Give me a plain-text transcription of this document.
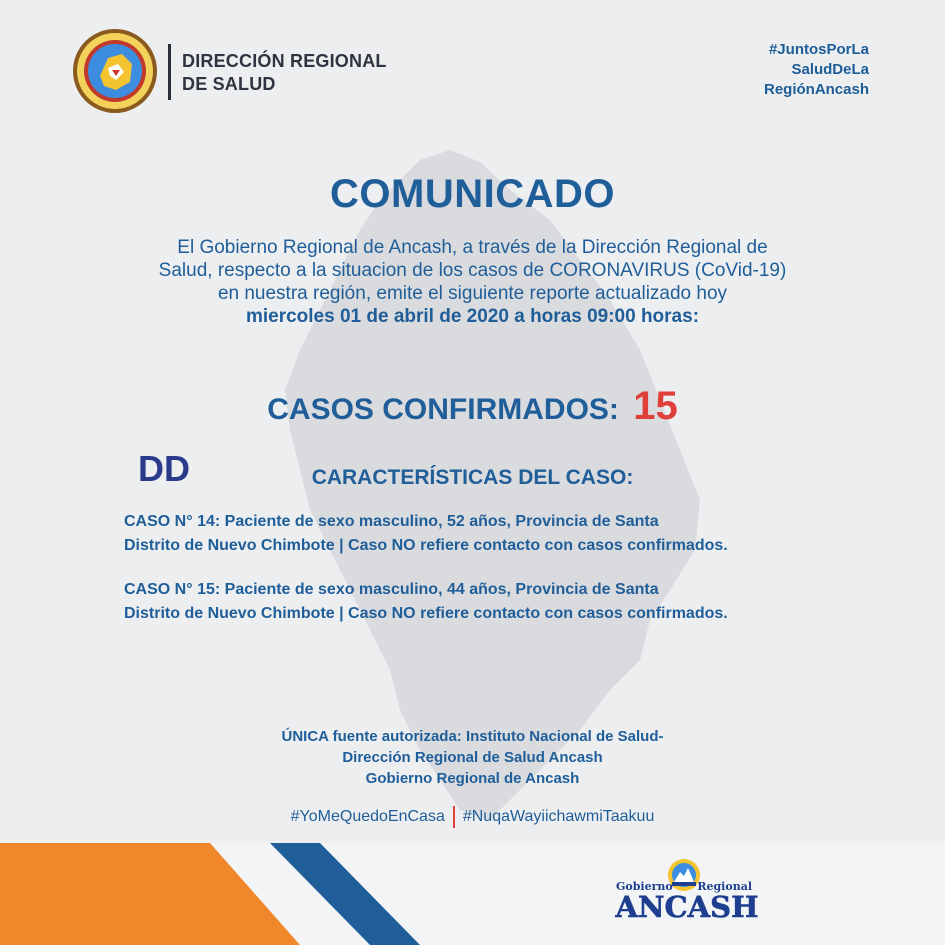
DIRECCIÓN REGIONAL
DE SALUD
#JuntosPorLa
SaludDeLa
RegiónAncash
COMUNICADO
El Gobierno Regional de Ancash, a través de la Dirección Regional de
Salud, respecto a la situacion de los casos de CORONAVIRUS (CoVid-19)
en nuestra región, emite el siguiente reporte actualizado hoy
miercoles 01 de abril de 2020 a horas 09:00 horas:
CASOS CONFIRMADOS: 15
DD	CARACTERÍSTICAS DEL CASO:
CASO N° 14: Paciente de sexo masculino, 52 años, Provincia de Santa
Distrito de Nuevo Chimbote | Caso NO refiere contacto con casos confirmados.
CASO N° 15: Paciente de sexo masculino, 44 años, Provincia de Santa
Distrito de Nuevo Chimbote | Caso NO refiere contacto con casos confirmados.
ÚNICA fuente autorizada: Instituto Nacional de Salud-
Dirección Regional de Salud Ancash
Gobierno Regional de Ancash
#YoMeQuedoEnCasa #NuqaWayiichawmiTaakuu
Gobierno Regional
ANCASH
